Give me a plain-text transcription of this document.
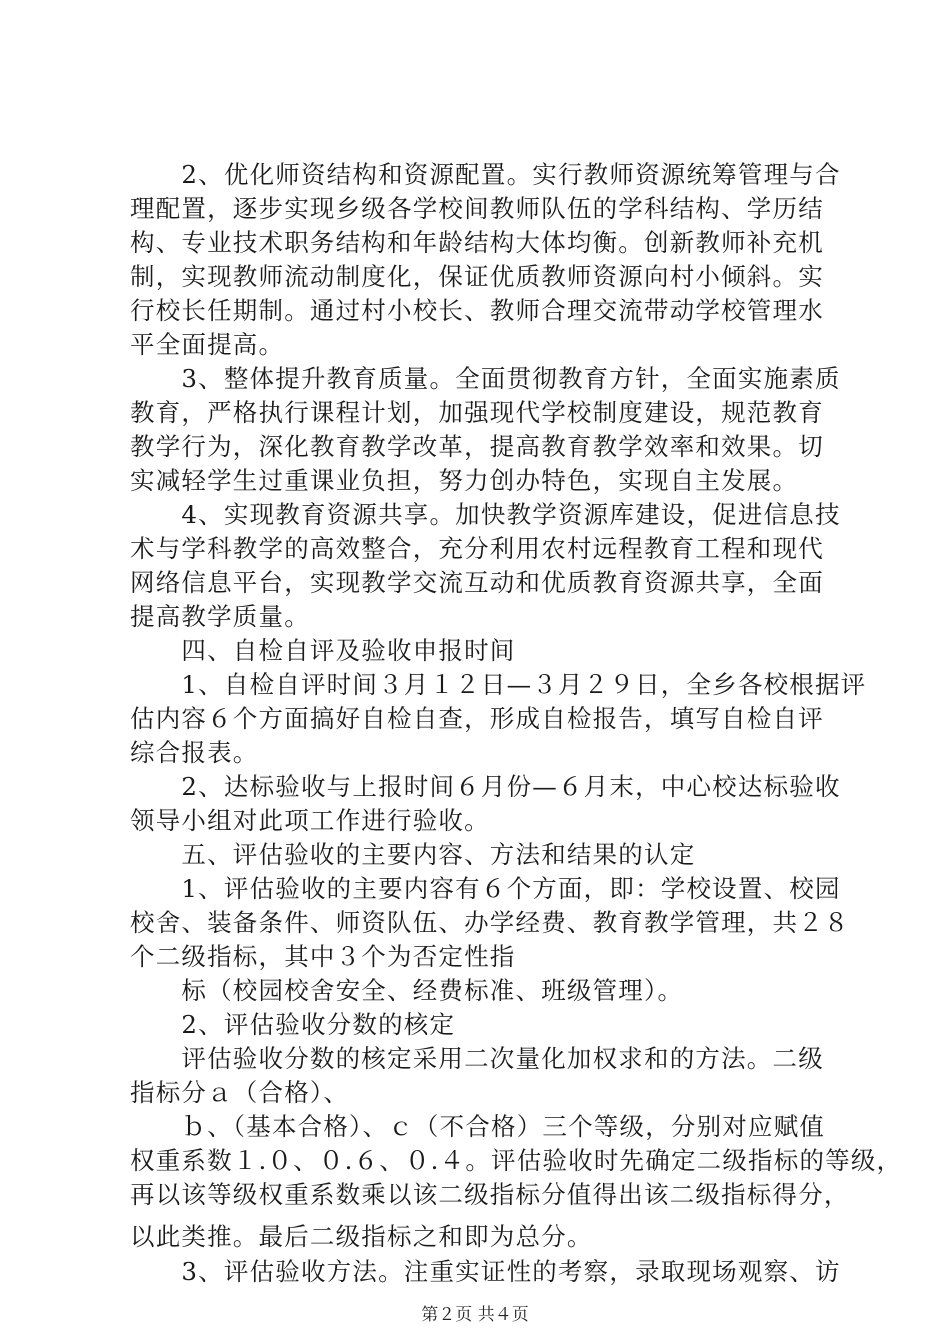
　　2、优化师资结构和资源配置。实行教师资源统筹管理与合
理配置，逐步实现乡级各学校间教师队伍的学科结构、学历结
构、专业技术职务结构和年龄结构大体均衡。创新教师补充机
制，实现教师流动制度化，保证优质教师资源向村小倾斜。实
行校长任期制。通过村小校长、教师合理交流带动学校管理水
平全面提高。
　　3、整体提升教育质量。全面贯彻教育方针，全面实施素质
教育，严格执行课程计划，加强现代学校制度建设，规范教育
教学行为，深化教育教学改革，提高教育教学效率和效果。切
实减轻学生过重课业负担，努力创办特色，实现自主发展。
　　4、实现教育资源共享。加快教学资源库建设，促进信息技
术与学科教学的高效整合，充分利用农村远程教育工程和现代
网络信息平台，实现教学交流互动和优质教育资源共享，全面
提高教学质量。
　　四、自检自评及验收申报时间
　　1、自检自评时间３月１２日—３月２９日，全乡各校根据评
估内容６个方面搞好自检自查，形成自检报告，填写自检自评
综合报表。
　　2、达标验收与上报时间６月份—６月末，中心校达标验收
领导小组对此项工作进行验收。
　　五、评估验收的主要内容、方法和结果的认定
　　1、评估验收的主要内容有６个方面，即：学校设置、校园
校舍、装备条件、师资队伍、办学经费、教育教学管理，共２８
个二级指标，其中３个为否定性指
　　标（校园校舍安全、经费标准、班级管理）。
　　2、评估验收分数的核定
　　评估验收分数的核定采用二次量化加权求和的方法。二级
指标分ａ（合格）、
　　ｂ、（基本合格）、ｃ（不合格）三个等级，分别对应赋值
权重系数１.０、０.６、０.４。评估验收时先确定二级指标的等级，
再以该等级权重系数乘以该二级指标分值得出该二级指标得分，
以此类推。最后二级指标之和即为总分。
　　3、评估验收方法。注重实证性的考察，录取现场观察、访
第２页 共４页
